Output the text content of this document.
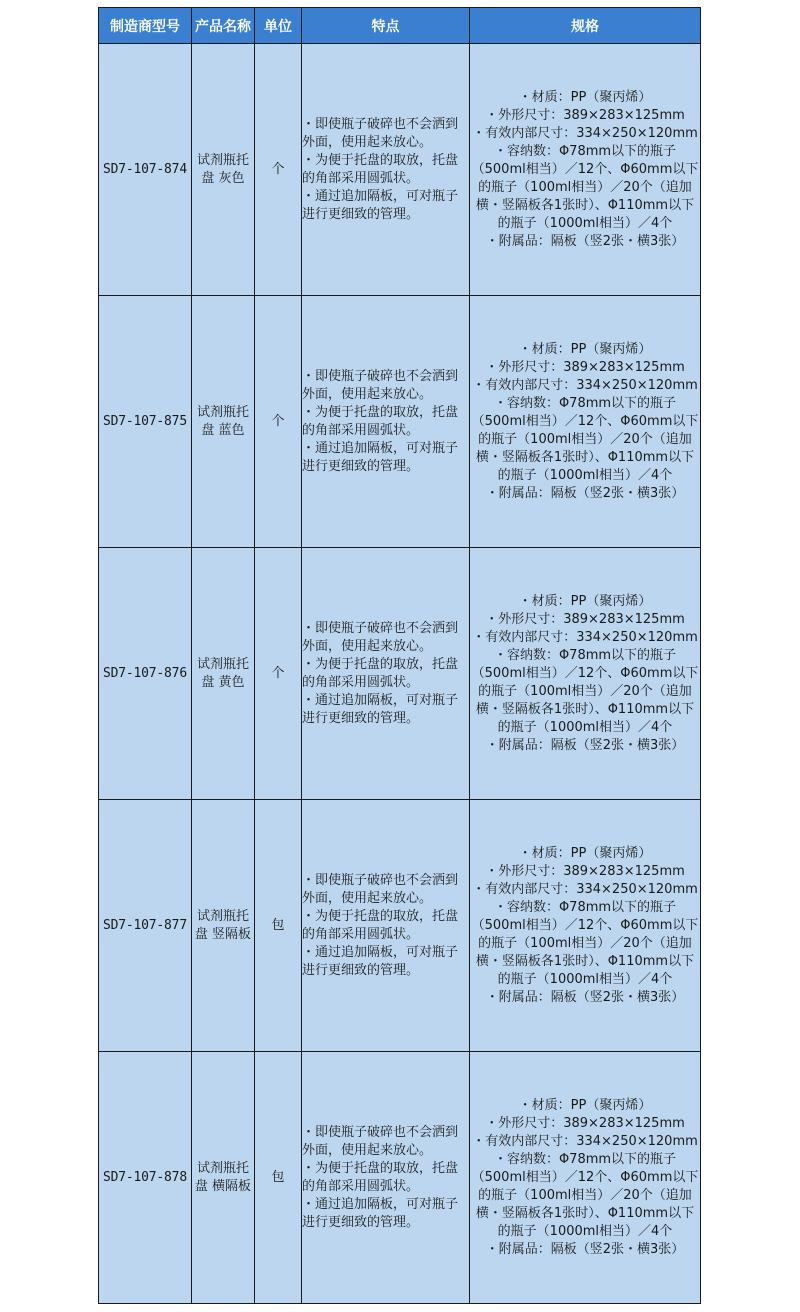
制造商型号	产品名称	单位	特点	规格
SD7-107-874	试剂瓶托盘 灰色	个	・即使瓶子破碎也不会洒到外面，使用起来放心。
・为便于托盘的取放，托盘的角部采用圆弧状。
・通过追加隔板，可对瓶子进行更细致的管理。	・材质：PP（聚丙烯）
・外形尺寸：389×283×125mm
・有效内部尺寸：334×250×120mm
・容纳数：Φ78mm以下的瓶子（500ml相当）／12个、Φ60mm以下的瓶子（100ml相当）／20个（追加横・竖隔板各1张时）、Φ110mm以下的瓶子（1000ml相当）／4个
・附属品：隔板（竖2张・横3张）

SD7-107-875	试剂瓶托盘 蓝色	个	・即使瓶子破碎也不会洒到外面，使用起来放心。
・为便于托盘的取放，托盘的角部采用圆弧状。
・通过追加隔板，可对瓶子进行更细致的管理。	・材质：PP（聚丙烯）
・外形尺寸：389×283×125mm
・有效内部尺寸：334×250×120mm
・容纳数：Φ78mm以下的瓶子（500ml相当）／12个、Φ60mm以下的瓶子（100ml相当）／20个（追加横・竖隔板各1张时）、Φ110mm以下的瓶子（1000ml相当）／4个
・附属品：隔板（竖2张・横3张）

SD7-107-876	试剂瓶托盘 黄色	个	・即使瓶子破碎也不会洒到外面，使用起来放心。
・为便于托盘的取放，托盘的角部采用圆弧状。
・通过追加隔板，可对瓶子进行更细致的管理。	・材质：PP（聚丙烯）
・外形尺寸：389×283×125mm
・有效内部尺寸：334×250×120mm
・容纳数：Φ78mm以下的瓶子（500ml相当）／12个、Φ60mm以下的瓶子（100ml相当）／20个（追加横・竖隔板各1张时）、Φ110mm以下的瓶子（1000ml相当）／4个
・附属品：隔板（竖2张・横3张）

SD7-107-877	试剂瓶托盘 竖隔板	包	・即使瓶子破碎也不会洒到外面，使用起来放心。
・为便于托盘的取放，托盘的角部采用圆弧状。
・通过追加隔板，可对瓶子进行更细致的管理。	・材质：PP（聚丙烯）
・外形尺寸：389×283×125mm
・有效内部尺寸：334×250×120mm
・容纳数：Φ78mm以下的瓶子（500ml相当）／12个、Φ60mm以下的瓶子（100ml相当）／20个（追加横・竖隔板各1张时）、Φ110mm以下的瓶子（1000ml相当）／4个
・附属品：隔板（竖2张・横3张）

SD7-107-878	试剂瓶托盘 横隔板	包	・即使瓶子破碎也不会洒到外面，使用起来放心。
・为便于托盘的取放，托盘的角部采用圆弧状。
・通过追加隔板，可对瓶子进行更细致的管理。	・材质：PP（聚丙烯）
・外形尺寸：389×283×125mm
・有效内部尺寸：334×250×120mm
・容纳数：Φ78mm以下的瓶子（500ml相当）／12个、Φ60mm以下的瓶子（100ml相当）／20个（追加横・竖隔板各1张时）、Φ110mm以下的瓶子（1000ml相当）／4个
・附属品：隔板（竖2张・横3张）
